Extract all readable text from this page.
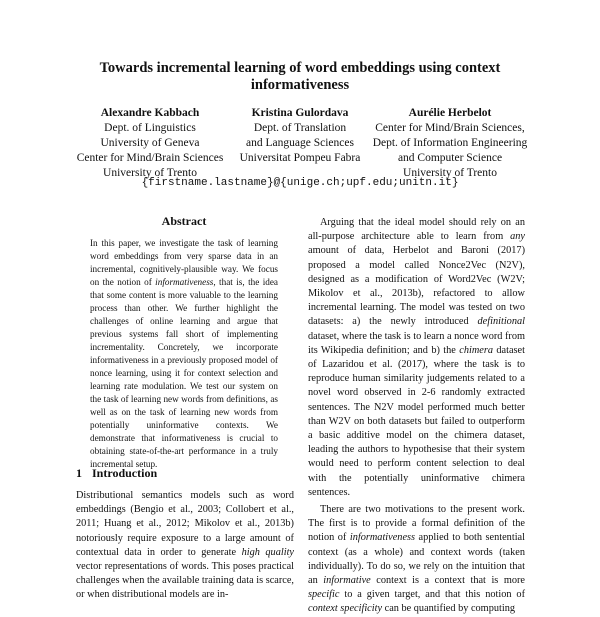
Towards incremental learning of word embeddings using context informativeness
Alexandre Kabbach
Dept. of Linguistics
University of Geneva
Center for Mind/Brain Sciences
University of Trento
Kristina Gulordava
Dept. of Translation
and Language Sciences
Universitat Pompeu Fabra
Aurélie Herbelot
Center for Mind/Brain Sciences,
Dept. of Information Engineering
and Computer Science
University of Trento
{firstname.lastname}@{unige.ch;upf.edu;unitn.it}
Abstract
In this paper, we investigate the task of learning word embeddings from very sparse data in an incremental, cognitively-plausible way. We focus on the notion of informativeness, that is, the idea that some content is more valuable to the learning process than other. We further highlight the challenges of online learning and argue that previous systems fall short of implementing incrementality. Concretely, we incorporate informativeness in a previously proposed model of nonce learning, using it for context selection and learning rate modulation. We test our system on the task of learning new words from definitions, as well as on the task of learning new words from potentially uninformative contexts. We demonstrate that informativeness is crucial to obtaining state-of-the-art performance in a truly incremental setup.
1 Introduction
Distributional semantics models such as word embeddings (Bengio et al., 2003; Collobert et al., 2011; Huang et al., 2012; Mikolov et al., 2013b) notoriously require exposure to a large amount of contextual data in order to generate high quality vector representations of words. This poses practical challenges when the available training data is scarce, or when distributional models are in-

Arguing that the ideal model should rely on an all-purpose architecture able to learn from any amount of data, Herbelot and Baroni (2017) proposed a model called Nonce2Vec (N2V), designed as a modification of Word2Vec (W2V; Mikolov et al., 2013b), refactored to allow incremental learning. The model was tested on two datasets: a) the newly introduced definitional dataset, where the task is to learn a nonce word from its Wikipedia definition; and b) the chimera dataset of Lazaridou et al. (2017), where the task is to reproduce human similarity judgements related to a novel word observed in 2-6 randomly extracted sentences. The N2V model performed much better than W2V on both datasets but failed to outperform a basic additive model on the chimera dataset, leading the authors to hypothesise that their system would need to perform content selection to deal with the potentially uninformative chimera sentences.

There are two motivations to the present work. The first is to provide a formal definition of the notion of informativeness applied to both sentential context (as a whole) and context words (taken individually). To do so, we rely on the intuition that an informative context is a context that is more specific to a given target, and that this notion of context specificity can be quantified by computing
